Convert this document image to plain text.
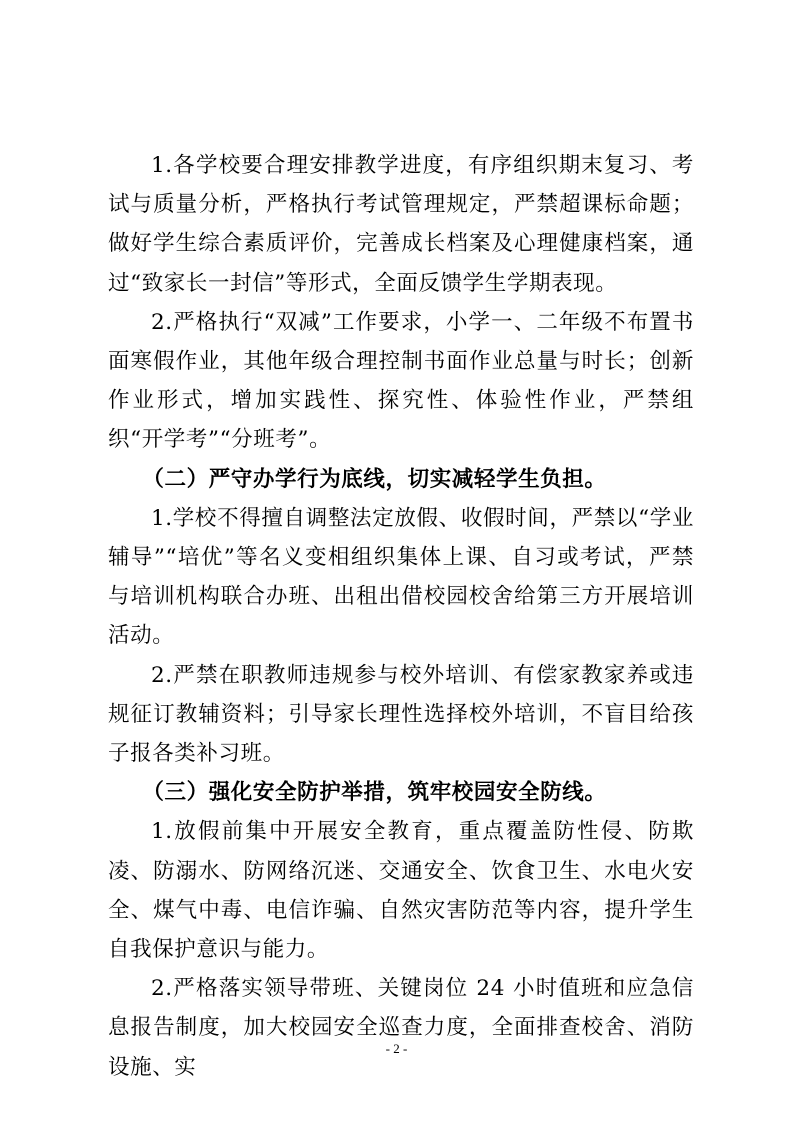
1.各学校要合理安排教学进度，有序组织期末复习、考试与质量分析，严格执行考试管理规定，严禁超课标命题；做好学生综合素质评价，完善成长档案及心理健康档案，通过“致家长一封信”等形式，全面反馈学生学期表现。

2.严格执行“双减”工作要求，小学一、二年级不布置书面寒假作业，其他年级合理控制书面作业总量与时长；创新作业形式，增加实践性、探究性、体验性作业，严禁组织“开学考”“分班考”。

（二）严守办学行为底线，切实减轻学生负担。

1.学校不得擅自调整法定放假、收假时间，严禁以“学业辅导”“培优”等名义变相组织集体上课、自习或考试，严禁与培训机构联合办班、出租出借校园校舍给第三方开展培训活动。

2.严禁在职教师违规参与校外培训、有偿家教家养或违规征订教辅资料；引导家长理性选择校外培训，不盲目给孩子报各类补习班。

（三）强化安全防护举措，筑牢校园安全防线。

1.放假前集中开展安全教育，重点覆盖防性侵、防欺凌、防溺水、防网络沉迷、交通安全、饮食卫生、水电火安全、煤气中毒、电信诈骗、自然灾害防范等内容，提升学生自我保护意识与能力。

2.严格落实领导带班、关键岗位 24 小时值班和应急信息报告制度，加大校园安全巡查力度，全面排查校舍、消防设施、实

- 2 -
